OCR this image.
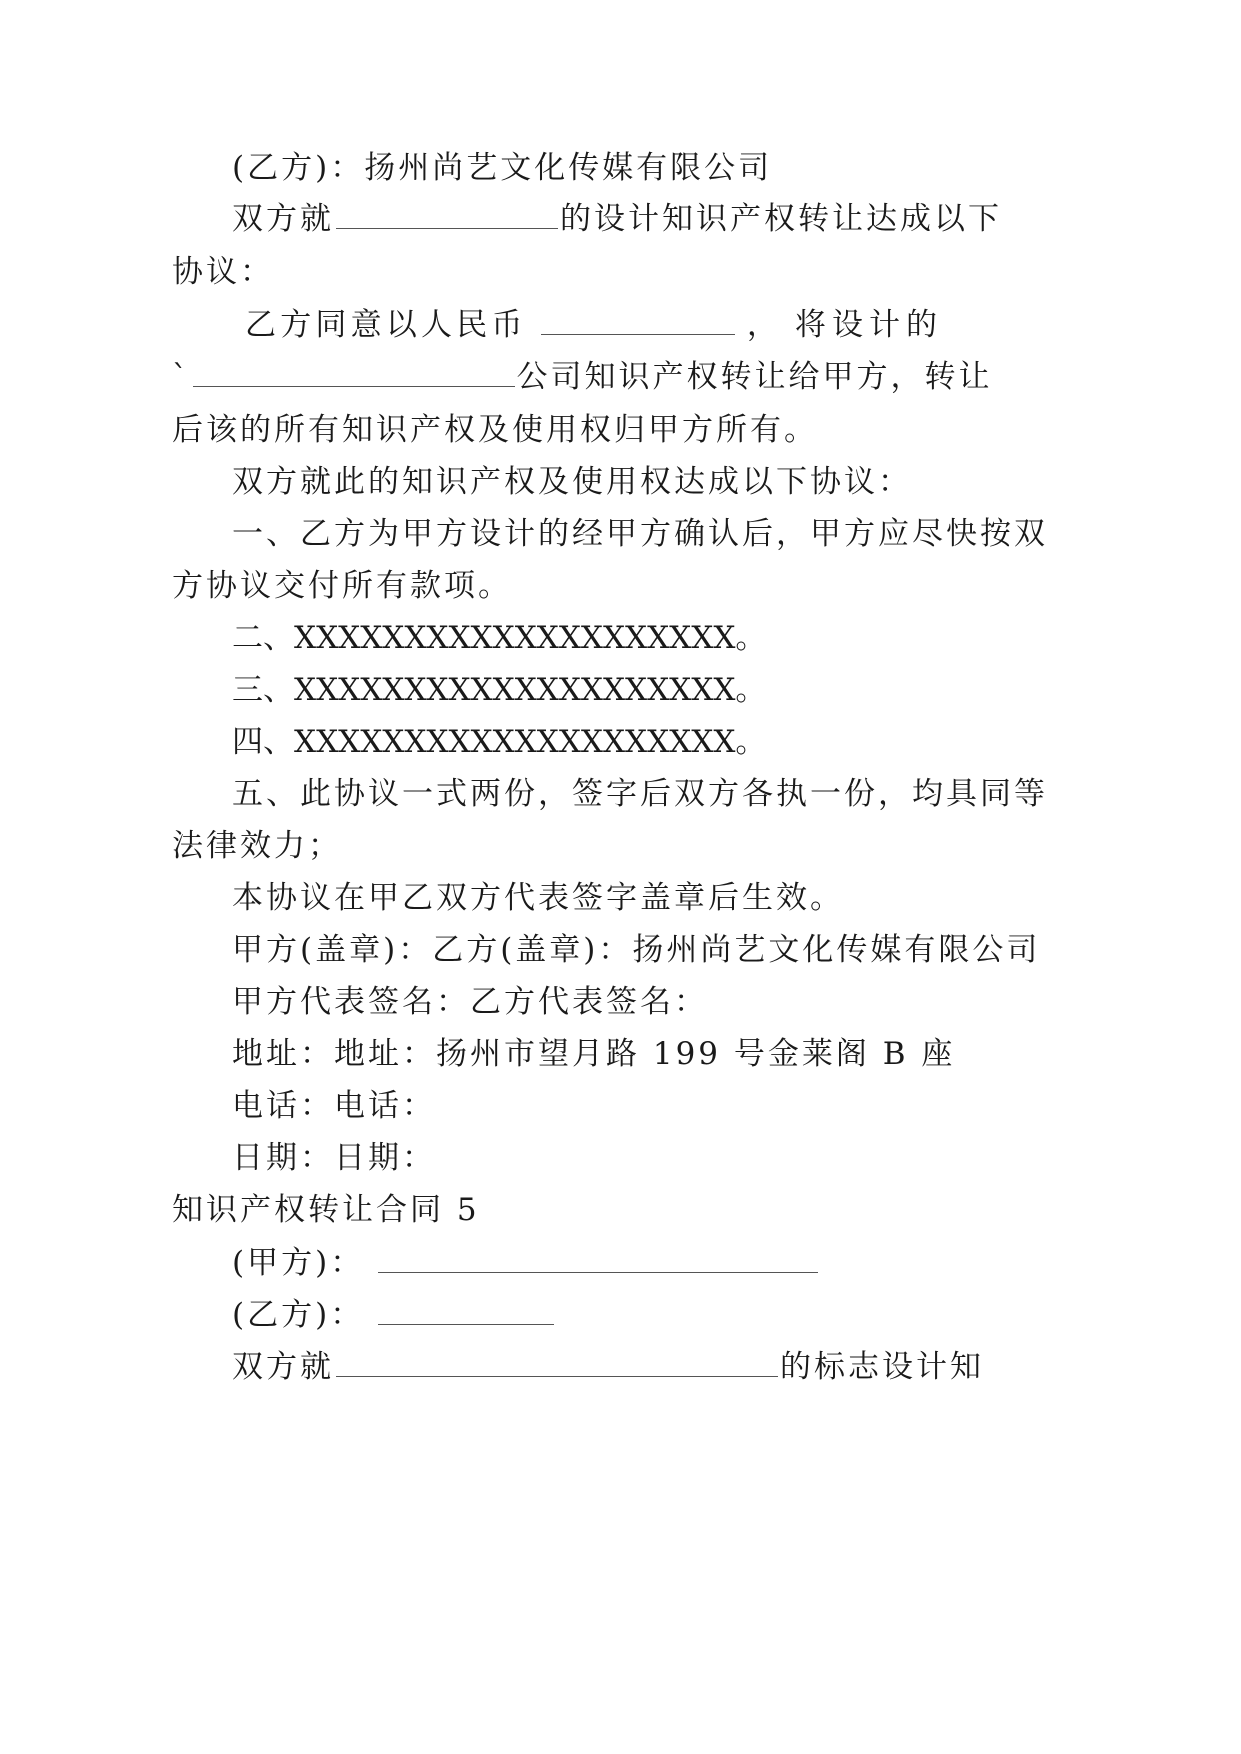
(乙方)：扬州尚艺文化传媒有限公司
双方就	的设计知识产权转让达成以下
协议：
乙 方 同 意 以 人 民 币	， 将 设 计 的
`	公司知识产权转让给甲方，转让
后该的所有知识产权及使用权归甲方所有。
双方就此的知识产权及使用权达成以下协议：
一、乙方为甲方设计的经甲方确认后，甲方应尽快按双
方协议交付所有款项。
二、XXXXXXXXXXXXXXXXXXXX。
三、XXXXXXXXXXXXXXXXXXXX。
四、XXXXXXXXXXXXXXXXXXXX。
五、此协议一式两份，签字后双方各执一份，均具同等
法律效力；
本协议在甲乙双方代表签字盖章后生效。
甲方(盖章)：乙方(盖章)：扬州尚艺文化传媒有限公司
甲方代表签名：乙方代表签名：
地址：地址：扬州市望月路 199 号金莱阁 B 座
电话：电话：
日期：日期：
知识产权转让合同 5
(甲方)：
(乙方)：
双方就	的标志设计知
